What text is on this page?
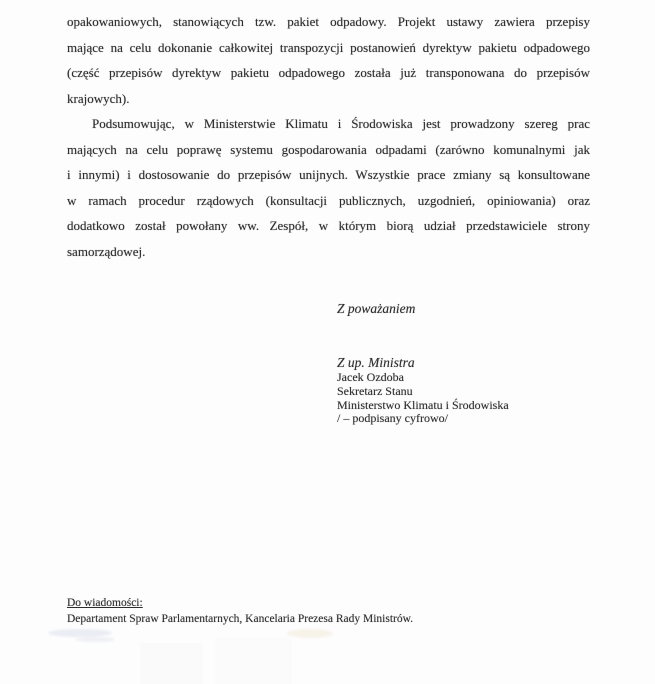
opakowaniowych, stanowiących tzw. pakiet odpadowy. Projekt ustawy zawiera przepisy
mające na celu dokonanie całkowitej transpozycji postanowień dyrektyw pakietu odpadowego
(część przepisów dyrektyw pakietu odpadowego została już transponowana do przepisów
krajowych).
Podsumowując, w Ministerstwie Klimatu i Środowiska jest prowadzony szereg prac
mających na celu poprawę systemu gospodarowania odpadami (zarówno komunalnymi jak
i innymi) i dostosowanie do przepisów unijnych. Wszystkie prace zmiany są konsultowane
w ramach procedur rządowych (konsultacji publicznych, uzgodnień, opiniowania) oraz
dodatkowo został powołany ww. Zespół, w którym biorą udział przedstawiciele strony
samorządowej.
Z poważaniem
Z up. Ministra
Jacek Ozdoba
Sekretarz Stanu
Ministerstwo Klimatu i Środowiska
/ – podpisany cyfrowo/
Do wiadomości:
Departament Spraw Parlamentarnych, Kancelaria Prezesa Rady Ministrów.
